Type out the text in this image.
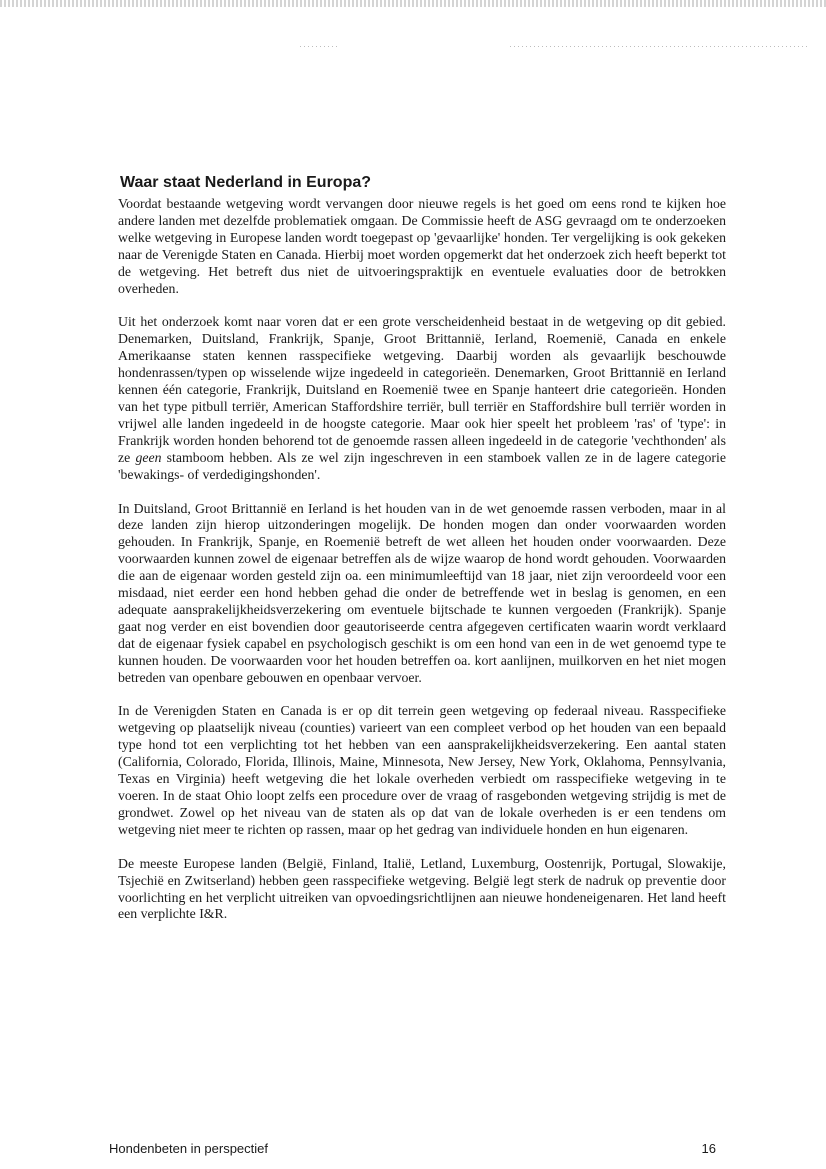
Waar staat Nederland in Europa?

Voordat bestaande wetgeving wordt vervangen door nieuwe regels is het goed om eens rond te kijken hoe andere landen met dezelfde problematiek omgaan. De Commissie heeft de ASG gevraagd om te onderzoeken welke wetgeving in Europese landen wordt toegepast op 'gevaarlijke' honden. Ter vergelijking is ook gekeken naar de Verenigde Staten en Canada. Hierbij moet worden opgemerkt dat het onderzoek zich heeft beperkt tot de wetgeving. Het betreft dus niet de uitvoeringspraktijk en eventuele evaluaties door de betrokken overheden.

Uit het onderzoek komt naar voren dat er een grote verscheidenheid bestaat in de wetgeving op dit gebied. Denemarken, Duitsland, Frankrijk, Spanje, Groot Brittannië, Ierland, Roemenië, Canada en enkele Amerikaanse staten kennen rasspecifieke wetgeving. Daarbij worden als gevaarlijk beschouwde hondenrassen/typen op wisselende wijze ingedeeld in categorieën. Denemarken, Groot Brittannië en Ierland kennen één categorie, Frankrijk, Duitsland en Roemenië twee en Spanje hanteert drie categorieën. Honden van het type pitbull terriër, American Staffordshire terriër, bull terriër en Staffordshire bull terriër worden in vrijwel alle landen ingedeeld in de hoogste categorie. Maar ook hier speelt het probleem 'ras' of 'type': in Frankrijk worden honden behorend tot de genoemde rassen alleen ingedeeld in de categorie 'vechthonden' als ze geen stamboom hebben. Als ze wel zijn ingeschreven in een stamboek vallen ze in de lagere categorie 'bewakings- of verdedigingshonden'.

In Duitsland, Groot Brittannië en Ierland is het houden van in de wet genoemde rassen verboden, maar in al deze landen zijn hierop uitzonderingen mogelijk. De honden mogen dan onder voorwaarden worden gehouden. In Frankrijk, Spanje, en Roemenië betreft de wet alleen het houden onder voorwaarden. Deze voorwaarden kunnen zowel de eigenaar betreffen als de wijze waarop de hond wordt gehouden. Voorwaarden die aan de eigenaar worden gesteld zijn oa. een minimumleeftijd van 18 jaar, niet zijn veroordeeld voor een misdaad, niet eerder een hond hebben gehad die onder de betreffende wet in beslag is genomen, en een adequate aansprakelijkheidsverzekering om eventuele bijtschade te kunnen vergoeden (Frankrijk). Spanje gaat nog verder en eist bovendien door geautoriseerde centra afgegeven certificaten waarin wordt verklaard dat de eigenaar fysiek capabel en psychologisch geschikt is om een hond van een in de wet genoemd type te kunnen houden. De voorwaarden voor het houden betreffen oa. kort aanlijnen, muilkorven en het niet mogen betreden van openbare gebouwen en openbaar vervoer.

In de Verenigden Staten en Canada is er op dit terrein geen wetgeving op federaal niveau. Rasspecifieke wetgeving op plaatselijk niveau (counties) varieert van een compleet verbod op het houden van een bepaald type hond tot een verplichting tot het hebben van een aansprakelijkheidsverzekering. Een aantal staten (California, Colorado, Florida, Illinois, Maine, Minnesota, New Jersey, New York, Oklahoma, Pennsylvania, Texas en Virginia) heeft wetgeving die het lokale overheden verbiedt om rasspecifieke wetgeving in te voeren. In de staat Ohio loopt zelfs een procedure over de vraag of rasgebonden wetgeving strijdig is met de grondwet. Zowel op het niveau van de staten als op dat van de lokale overheden is er een tendens om wetgeving niet meer te richten op rassen, maar op het gedrag van individuele honden en hun eigenaren.

De meeste Europese landen (België, Finland, Italië, Letland, Luxemburg, Oostenrijk, Portugal, Slowakije, Tsjechië en Zwitserland) hebben geen rasspecifieke wetgeving. België legt sterk de nadruk op preventie door voorlichting en het verplicht uitreiken van opvoedingsrichtlijnen aan nieuwe hondeneigenaren. Het land heeft een verplichte I&R.

Hondenbeten in perspectief	16
